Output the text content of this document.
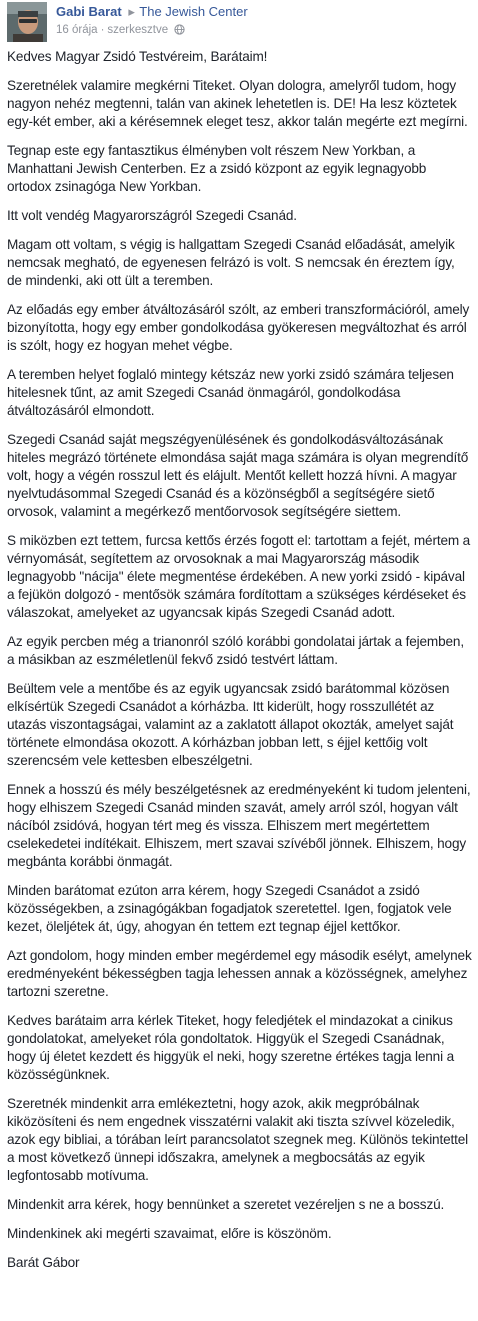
Gabi Barat ▸ The Jewish Center
16 órája · szerkesztve

Kedves Magyar Zsidó Testvéreim, Barátaim!

Szeretnélek valamire megkérni Titeket. Olyan dologra, amelyről tudom, hogy nagyon nehéz megtenni, talán van akinek lehetetlen is. DE! Ha lesz köztetek egy-két ember, aki a kérésemnek eleget tesz, akkor talán megérte ezt megírni.

Tegnap este egy fantasztikus élményben volt részem New Yorkban, a Manhattani Jewish Centerben. Ez a zsidó központ az egyik legnagyobb ortodox zsinagóga New Yorkban.

Itt volt vendég Magyarországról Szegedi Csanád.

Magam ott voltam, s végig is hallgattam Szegedi Csanád előadását, amelyik nemcsak megható, de egyenesen felrázó is volt. S nemcsak én éreztem így, de mindenki, aki ott ült a teremben.

Az előadás egy ember átváltozásáról szólt, az emberi transzformációról, amely bizonyította, hogy egy ember gondolkodása gyökeresen megváltozhat és arról is szólt, hogy ez hogyan mehet végbe.

A teremben helyet foglaló mintegy kétszáz new yorki zsidó számára teljesen hitelesnek tűnt, az amit Szegedi Csanád önmagáról, gondolkodása átváltozásáról elmondott.

Szegedi Csanád saját megszégyenülésének és gondolkodásváltozásának hiteles megrázó története elmondása saját maga számára is olyan megrendítő volt, hogy a végén rosszul lett és elájult. Mentőt kellett hozzá hívni. A magyar nyelvtudásommal Szegedi Csanád és a közönségből a segítségére siető orvosok, valamint a megérkező mentőorvosok segítségére siettem.

S miközben ezt tettem, furcsa kettős érzés fogott el: tartottam a fejét, mértem a vérnyomását, segítettem az orvosoknak a mai Magyarország második legnagyobb "nácija" élete megmentése érdekében. A new yorki zsidó - kipával a fejükön dolgozó - mentősök számára fordítottam a szükséges kérdéseket és válaszokat, amelyeket az ugyancsak kipás Szegedi Csanád adott.

Az egyik percben még a trianonról szóló korábbi gondolatai jártak a fejemben, a másikban az eszméletlenül fekvő zsidó testvért láttam.

Beültem vele a mentőbe és az egyik ugyancsak zsidó barátommal közösen elkísértük Szegedi Csanádot a kórházba. Itt kiderült, hogy rosszullétét az utazás viszontagságai, valamint az a zaklatott állapot okozták, amelyet saját története elmondása okozott. A kórházban jobban lett, s éjjel kettőig volt szerencsém vele kettesben elbeszélgetni.

Ennek a hosszú és mély beszélgetésnek az eredményeként ki tudom jelenteni, hogy elhiszem Szegedi Csanád minden szavát, amely arról szól, hogyan vált nácíból zsidóvá, hogyan tért meg és vissza. Elhiszem mert megértettem cselekedetei indítékait. Elhiszem, mert szavai szívéből jönnek. Elhiszem, hogy megbánta korábbi önmagát.

Minden barátomat ezúton arra kérem, hogy Szegedi Csanádot a zsidó közösségekben, a zsinagógákban fogadjatok szeretettel. Igen, fogjatok vele kezet, öleljétek át, úgy, ahogyan én tettem ezt tegnap éjjel kettőkor.

Azt gondolom, hogy minden ember megérdemel egy második esélyt, amelynek eredményeként békességben tagja lehessen annak a közösségnek, amelyhez tartozni szeretne.

Kedves barátaim arra kérlek Titeket, hogy feledjétek el mindazokat a cinikus gondolatokat, amelyeket róla gondoltatok. Higgyük el Szegedi Csanádnak, hogy új életet kezdett és higgyük el neki, hogy szeretne értékes tagja lenni a közösségünknek.

Szeretnék mindenkit arra emlékeztetni, hogy azok, akik megpróbálnak kiközösíteni és nem engednek visszatérni valakit aki tiszta szívvel közeledik, azok egy bibliai, a tórában leírt parancsolatot szegnek meg. Különös tekintettel a most következő ünnepi időszakra, amelynek a megbocsátás az egyik legfontosabb motívuma.

Mindenkit arra kérek, hogy bennünket a szeretet vezéreljen s ne a bosszú.

Mindenkinek aki megérti szavaimat, előre is köszönöm.

Barát Gábor
